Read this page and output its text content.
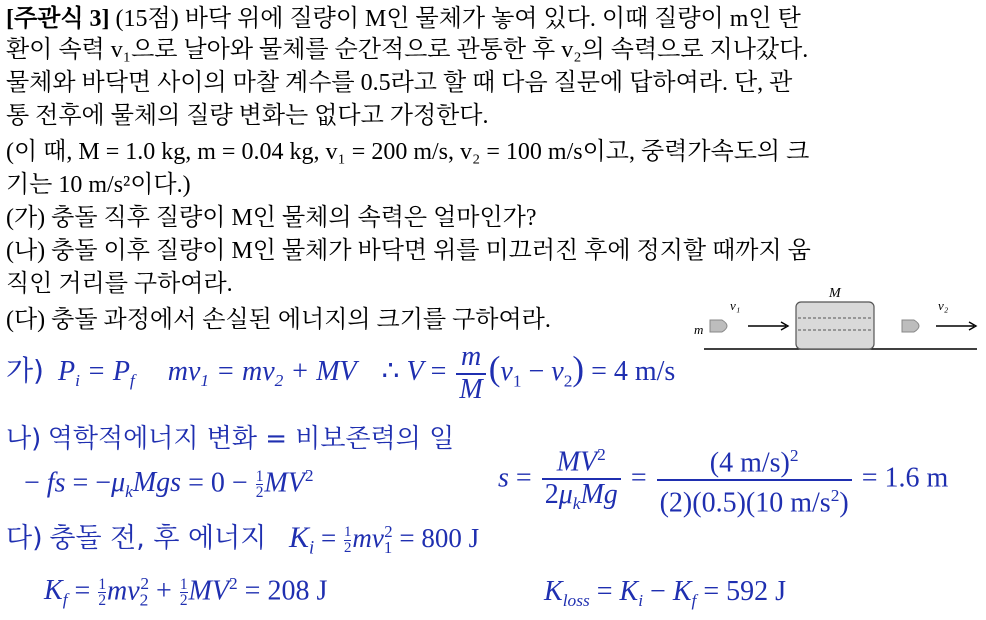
[주관식 3] (15점) 바닥 위에 질량이 M인 물체가 놓여 있다. 이때 질량이 m인 탄
환이 속력 v₁으로 날아와 물체를 순간적으로 관통한 후 v₂의 속력으로 지나갔다.
물체와 바닥면 사이의 마찰 계수를 0.5라고 할 때 다음 질문에 답하여라. 단, 관
통 전후에 물체의 질량 변화는 없다고 가정한다.
(이 때, M = 1.0 kg, m = 0.04 kg, v₁ = 200 m/s, v₂ = 100 m/s이고, 중력가속도의 크
기는 10 m/s²이다.)
(가) 충돌 직후 질량이 M인 물체의 속력은 얼마인가?
(나) 충돌 이후 질량이 M인 물체가 바닥면 위를 미끄러진 후에 정지할 때까지 움
직인 거리를 구하여라.
(다) 충돌 과정에서 손실된 에너지의 크기를 구하여라.	m
v₁
M
v₂
가)  $P_i = P_f$ $mv_1 = mv_2$ + MV ∴ $V = \frac{m}{M} (v_1 - v_2) = 4$ m/s
나) 역학적에너지 변화 = 비보존력의 일
− fs = $-\mu_kMgs = 0 - \frac{1}{2} MV^2$	$s = \frac{MV^2}{2\mu_kMg} = \frac{(4 m/s)^2}{(2)(0.5)(10 m/s^2)} = 1.6$ m
다) 충돌 전, 후 에너지 $K_i = \frac{1}{2} mv_1^2 = 800$ J
$K_f = \frac{1}{2} mv_2^2 + \frac{1}{2} MV^2 = 208$ J	$K_{loss} = K_i - K_f = 592$ J
